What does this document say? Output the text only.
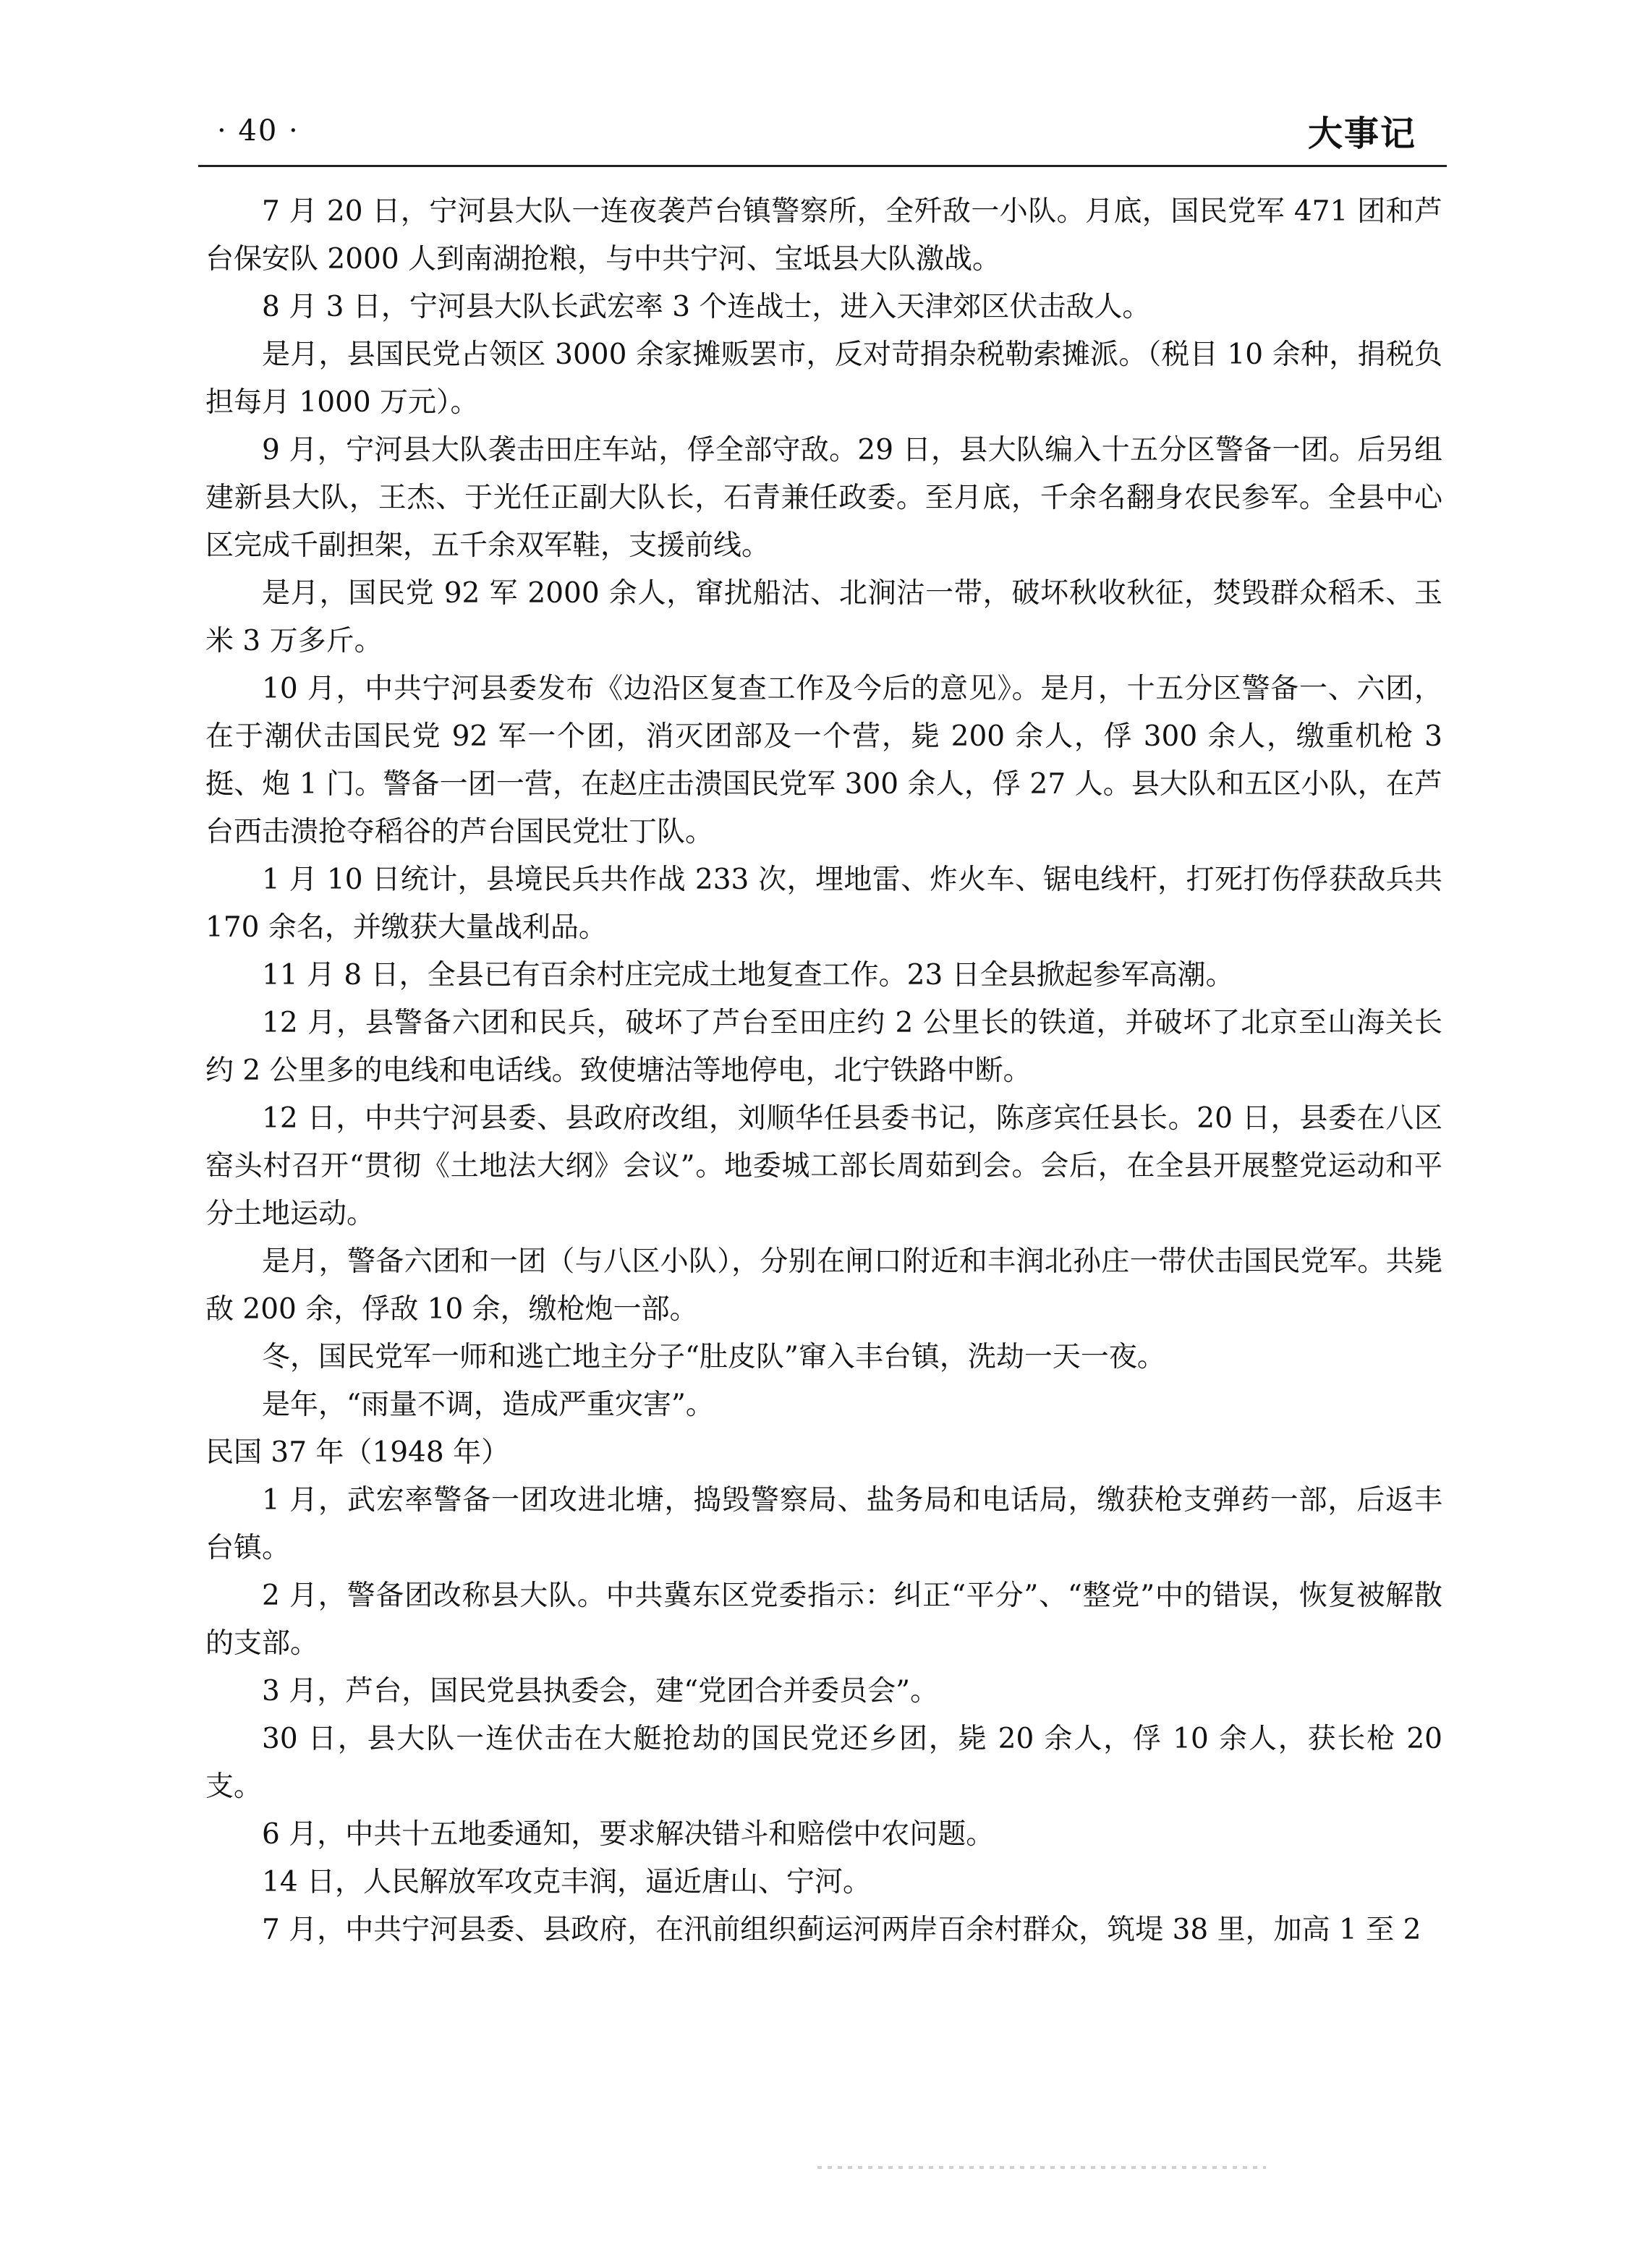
· 40 ·	大事记

7 月 20 日，宁河县大队一连夜袭芦台镇警察所，全歼敌一小队。月底，国民党军 471 团和芦台保安队 2000 人到南湖抢粮，与中共宁河、宝坻县大队激战。

8 月 3 日，宁河县大队长武宏率 3 个连战士，进入天津郊区伏击敌人。

是月，县国民党占领区 3000 余家摊贩罢市，反对苛捐杂税勒索摊派。（税目 10 余种，捐税负担每月 1000 万元）。

9 月，宁河县大队袭击田庄车站，俘全部守敌。29 日，县大队编入十五分区警备一团。后另组建新县大队，王杰、于光任正副大队长，石青兼任政委。至月底，千余名翻身农民参军。全县中心区完成千副担架，五千余双军鞋，支援前线。

是月，国民党 92 军 2000 余人，窜扰船沽、北涧沽一带，破坏秋收秋征，焚毁群众稻禾、玉米 3 万多斤。

10 月，中共宁河县委发布《边沿区复查工作及今后的意见》。是月，十五分区警备一、六团，在于潮伏击国民党 92 军一个团，消灭团部及一个营，毙 200 余人，俘 300 余人，缴重机枪 3 挺、炮 1 门。警备一团一营，在赵庄击溃国民党军 300 余人，俘 27 人。县大队和五区小队，在芦台西击溃抢夺稻谷的芦台国民党壮丁队。

1 月 10 日统计，县境民兵共作战 233 次，埋地雷、炸火车、锯电线杆，打死打伤俘获敌兵共 170 余名，并缴获大量战利品。

11 月 8 日，全县已有百余村庄完成土地复查工作。23 日全县掀起参军高潮。

12 月，县警备六团和民兵，破坏了芦台至田庄约 2 公里长的铁道，并破坏了北京至山海关长约 2 公里多的电线和电话线。致使塘沽等地停电，北宁铁路中断。

12 日，中共宁河县委、县政府改组，刘顺华任县委书记，陈彦宾任县长。20 日，县委在八区窑头村召开“贯彻《土地法大纲》会议”。地委城工部长周茹到会。会后，在全县开展整党运动和平分土地运动。

是月，警备六团和一团（与八区小队），分别在闸口附近和丰润北孙庄一带伏击国民党军。共毙敌 200 余，俘敌 10 余，缴枪炮一部。

冬，国民党军一师和逃亡地主分子“肚皮队”窜入丰台镇，洗劫一天一夜。

是年，“雨量不调，造成严重灾害”。

民国 37 年（1948 年）

1 月，武宏率警备一团攻进北塘，捣毁警察局、盐务局和电话局，缴获枪支弹药一部，后返丰台镇。

2 月，警备团改称县大队。中共冀东区党委指示：纠正“平分”、“整党”中的错误，恢复被解散的支部。

3 月，芦台，国民党县执委会，建“党团合并委员会”。

30 日，县大队一连伏击在大艇抢劫的国民党还乡团，毙 20 余人，俘 10 余人，获长枪 20 支。

6 月，中共十五地委通知，要求解决错斗和赔偿中农问题。

14 日，人民解放军攻克丰润，逼近唐山、宁河。

7 月，中共宁河县委、县政府，在汛前组织蓟运河两岸百余村群众，筑堤 38 里，加高 1 至 2
